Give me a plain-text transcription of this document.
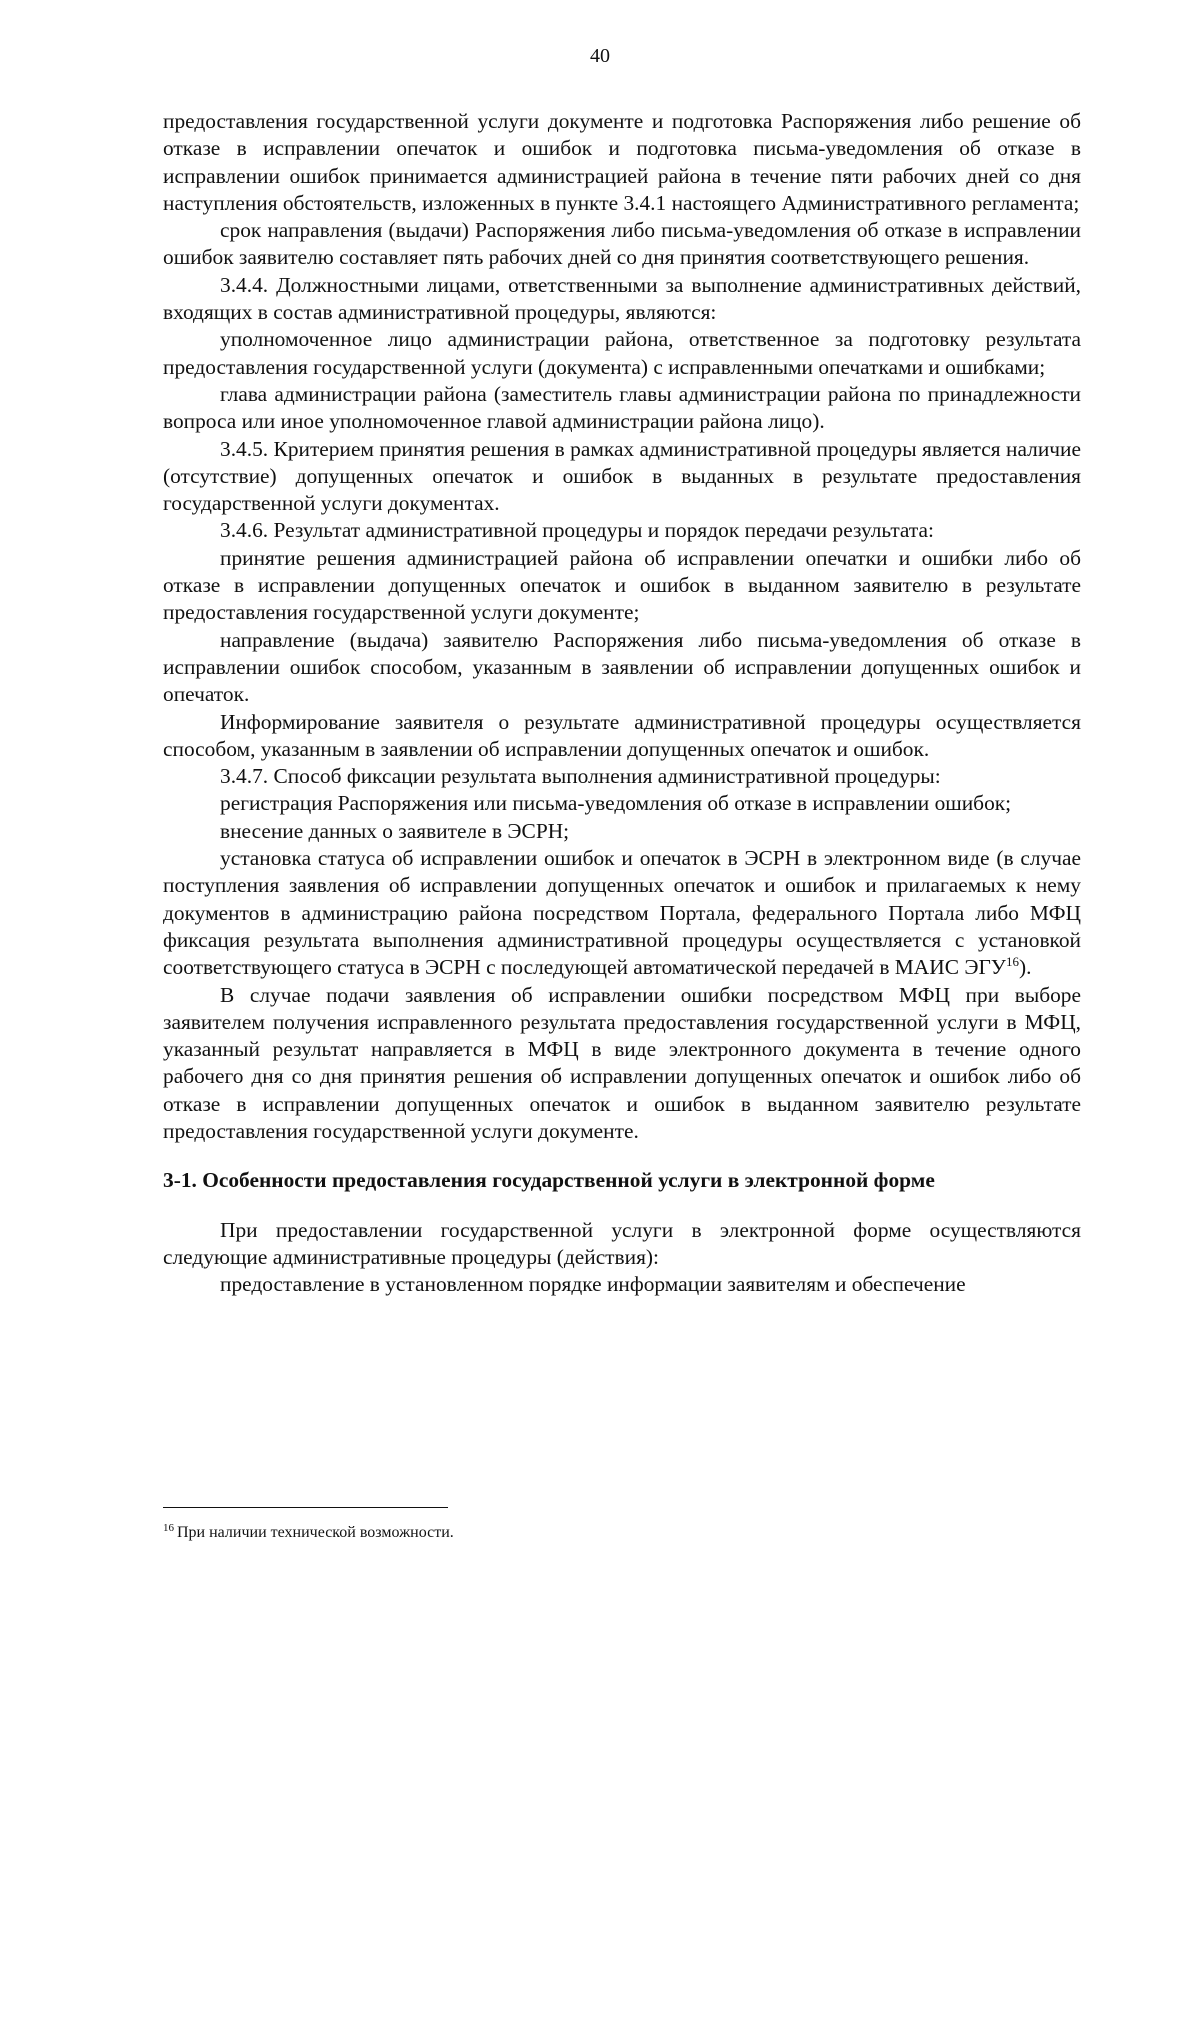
40

предоставления государственной услуги документе и подготовка Распоряжения либо решение об отказе в исправлении опечаток и ошибок и подготовка письма-уведомления об отказе в исправлении ошибок принимается администрацией района в течение пяти рабочих дней со дня наступления обстоятельств, изложенных в пункте 3.4.1 настоящего Административного регламента;

срок направления (выдачи) Распоряжения либо письма-уведомления об отказе в исправлении ошибок заявителю составляет пять рабочих дней со дня принятия соответствующего решения.

3.4.4. Должностными лицами, ответственными за выполнение административных действий, входящих в состав административной процедуры, являются:

уполномоченное лицо администрации района, ответственное за подготовку результата предоставления государственной услуги (документа) с исправленными опечатками и ошибками;

глава администрации района (заместитель главы администрации района по принадлежности вопроса или иное уполномоченное главой администрации района лицо).

3.4.5. Критерием принятия решения в рамках административной процедуры является наличие (отсутствие) допущенных опечаток и ошибок в выданных в результате предоставления государственной услуги документах.

3.4.6. Результат административной процедуры и порядок передачи результата:

принятие решения администрацией района об исправлении опечатки и ошибки либо об отказе в исправлении допущенных опечаток и ошибок в выданном заявителю в результате предоставления государственной услуги документе;

направление (выдача) заявителю Распоряжения либо письма-уведомления об отказе в исправлении ошибок способом, указанным в заявлении об исправлении допущенных ошибок и опечаток.

Информирование заявителя о результате административной процедуры осуществляется способом, указанным в заявлении об исправлении допущенных опечаток и ошибок.

3.4.7. Способ фиксации результата выполнения административной процедуры:

регистрация Распоряжения или письма-уведомления об отказе в исправлении ошибок;

внесение данных о заявителе в ЭСРН;

установка статуса об исправлении ошибок и опечаток в ЭСРН в электронном виде (в случае поступления заявления об исправлении допущенных опечаток и ошибок и прилагаемых к нему документов в администрацию района посредством Портала, федерального Портала либо МФЦ фиксация результата выполнения административной процедуры осуществляется с установкой соответствующего статуса в ЭСРН с последующей автоматической передачей в МАИС ЭГУ$^{16}$).

В случае подачи заявления об исправлении ошибки посредством МФЦ при выборе заявителем получения исправленного результата предоставления государственной услуги в МФЦ, указанный результат направляется в МФЦ в виде электронного документа в течение одного рабочего дня со дня принятия решения об исправлении допущенных опечаток и ошибок либо об отказе в исправлении допущенных опечаток и ошибок в выданном заявителю результате предоставления государственной услуги документе.

3-1. Особенности предоставления государственной услуги в электронной форме

При предоставлении государственной услуги в электронной форме осуществляются следующие административные процедуры (действия):

предоставление в установленном порядке информации заявителям и обеспечение

$^{16}$ При наличии технической возможности.
